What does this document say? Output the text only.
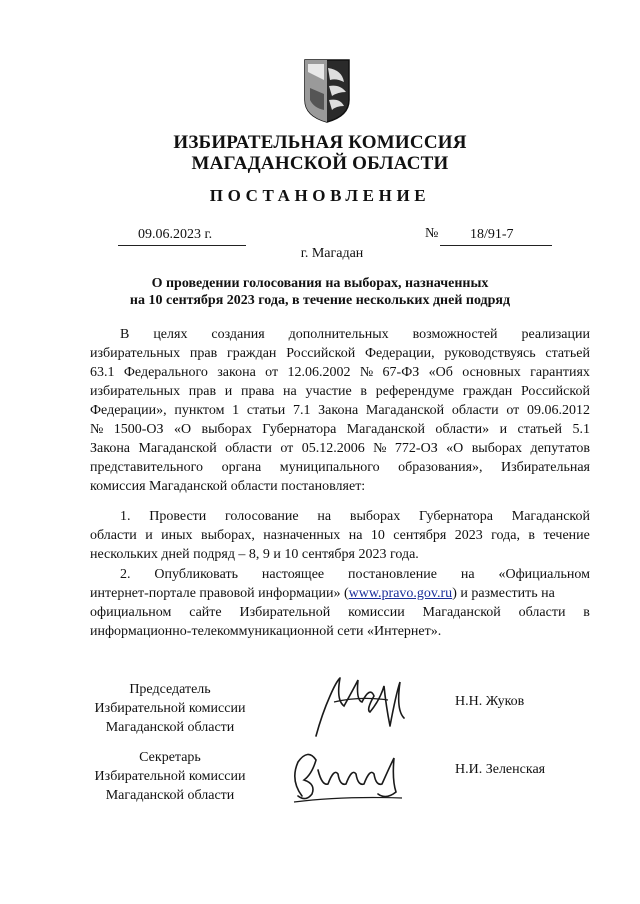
ИЗБИРАТЕЛЬНАЯ КОМИССИЯ
МАГАДАНСКОЙ ОБЛАСТИ
ПОСТАНОВЛЕНИЕ
09.06.2023 г.	№ 18/91-7
г. Магадан
О проведении голосования на выборах, назначенных
на 10 сентября 2023 года, в течение нескольких дней подряд
В целях создания дополнительных возможностей реализации
избирательных прав граждан Российской Федерации, руководствуясь статьей
63.1 Федерального закона от 12.06.2002 № 67-ФЗ «Об основных гарантиях
избирательных прав и права на участие в референдуме граждан Российской
Федерации», пунктом 1 статьи 7.1 Закона Магаданской области от 09.06.2012
№ 1500-ОЗ «О выборах Губернатора Магаданской области» и статьей 5.1
Закона Магаданской области от 05.12.2006 № 772-ОЗ «О выборах депутатов
представительного органа муниципального образования», Избирательная
комиссия Магаданской области постановляет:
1. Провести голосование на выборах Губернатора Магаданской
области и иных выборах, назначенных на 10 сентября 2023 года, в течение
нескольких дней подряд – 8, 9 и 10 сентября 2023 года.
2. Опубликовать настоящее постановление на «Официальном
интернет-портале правовой информации» (www.pravo.gov.ru) и разместить на
официальном сайте Избирательной комиссии Магаданской области в
информационно-телекоммуникационной сети «Интернет».
Председатель
Избирательной комиссии
Магаданской области
Н.Н. Жуков
Секретарь
Избирательной комиссии
Магаданской области
Н.И. Зеленская
